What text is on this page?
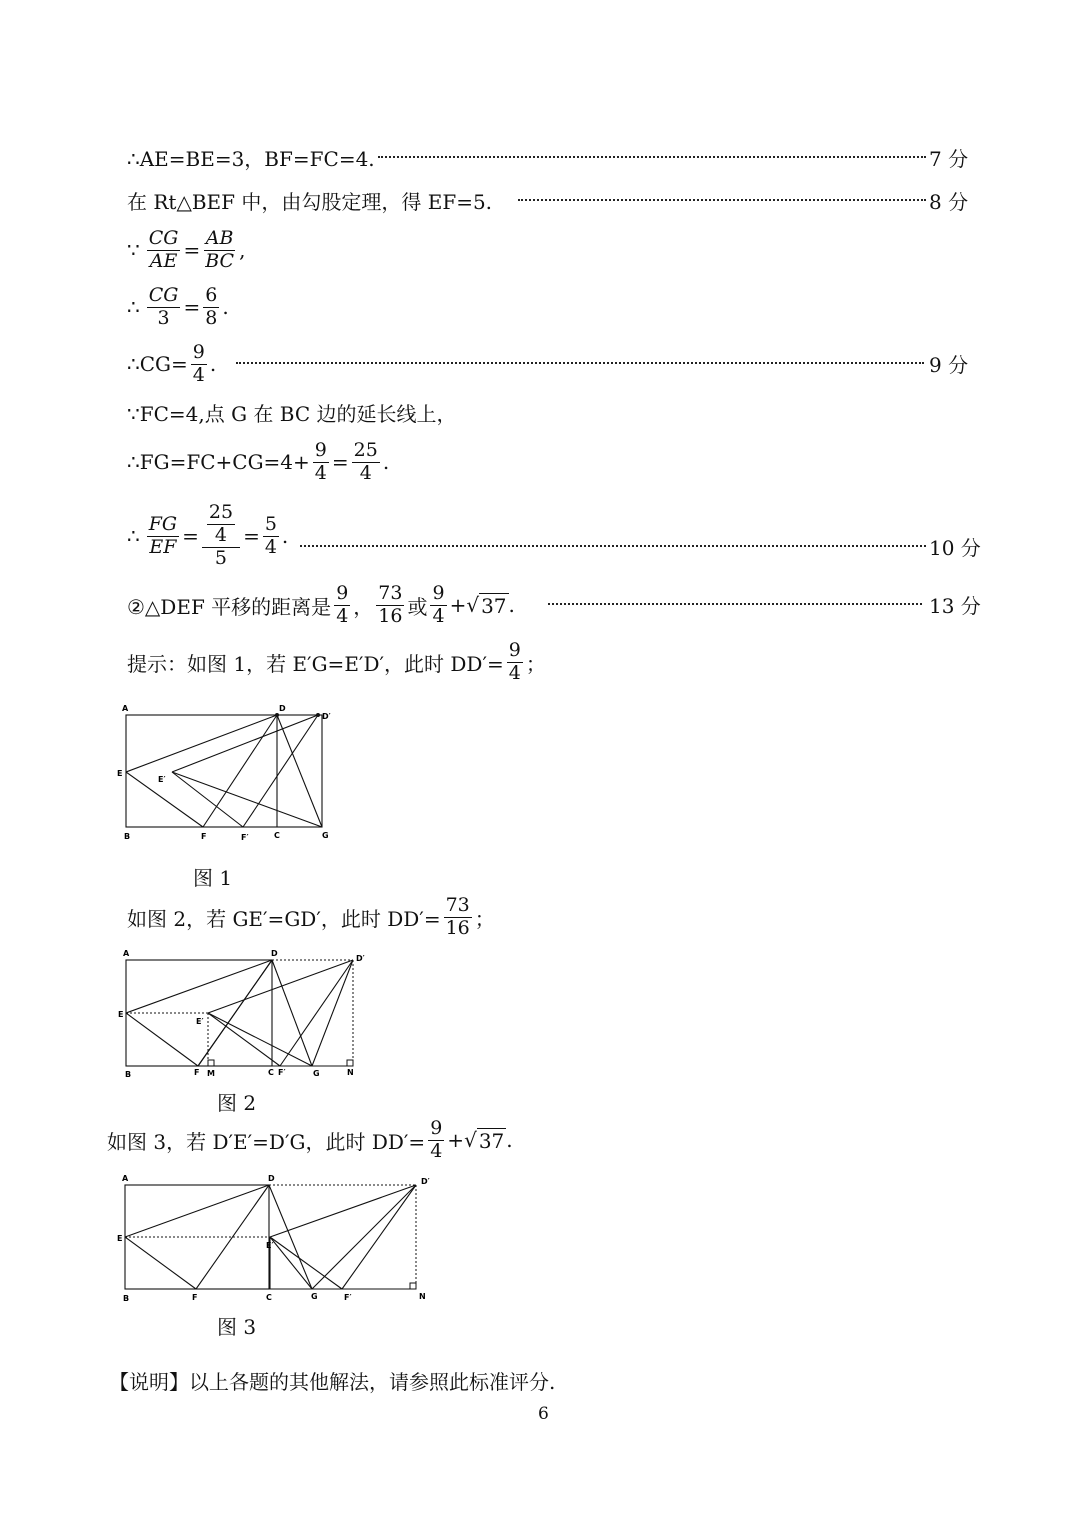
∴AE=BE=3，BF=FC=4.	7 分
在 Rt△BEF 中，由勾股定理，得 EF=5.	8 分
∵ $\frac{CG}{AE} = \frac{AB}{BC}$ ,
∴ $\frac{CG}{3} = \frac{6}{8}$ .
∴CG= $\frac{9}{4}$ .	9 分
∵FC=4,点 G 在 BC 边的延长线上，
∴FG=FC+CG=4+ $\frac{9}{4} = \frac{25}{4}$ .
∴ $\frac{FG}{EF} = \frac{\frac{25}{4}}{5} = \frac{5}{4}$ .	10 分
②△DEF 平移的距离是 $\frac{9}{4}$ ， $\frac{73}{16}$ 或 $\frac{9}{4}$ + √ 37 .	13 分
提示：如图 1，若 E′G=E′D′，此时 $DD'= \frac{9}{4}$ ；
A	D
D′
E
E′
B	F	F′	C	G
图 1
如图 2，若 GE′=GD′，此时 $DD'= \frac{73}{16}$ ；
A	D
D′
E
E′
B	F M	C F′	G	N
图 2
如图 3，若 D′E′=D′G，此时 $DD'= \frac{9}{4}$ + √ 37 .
A	D	D′
E
E′
B	F	C	G	F′	N
图 3
【说明】以上各题的其他解法，请参照此标准评分.
6
